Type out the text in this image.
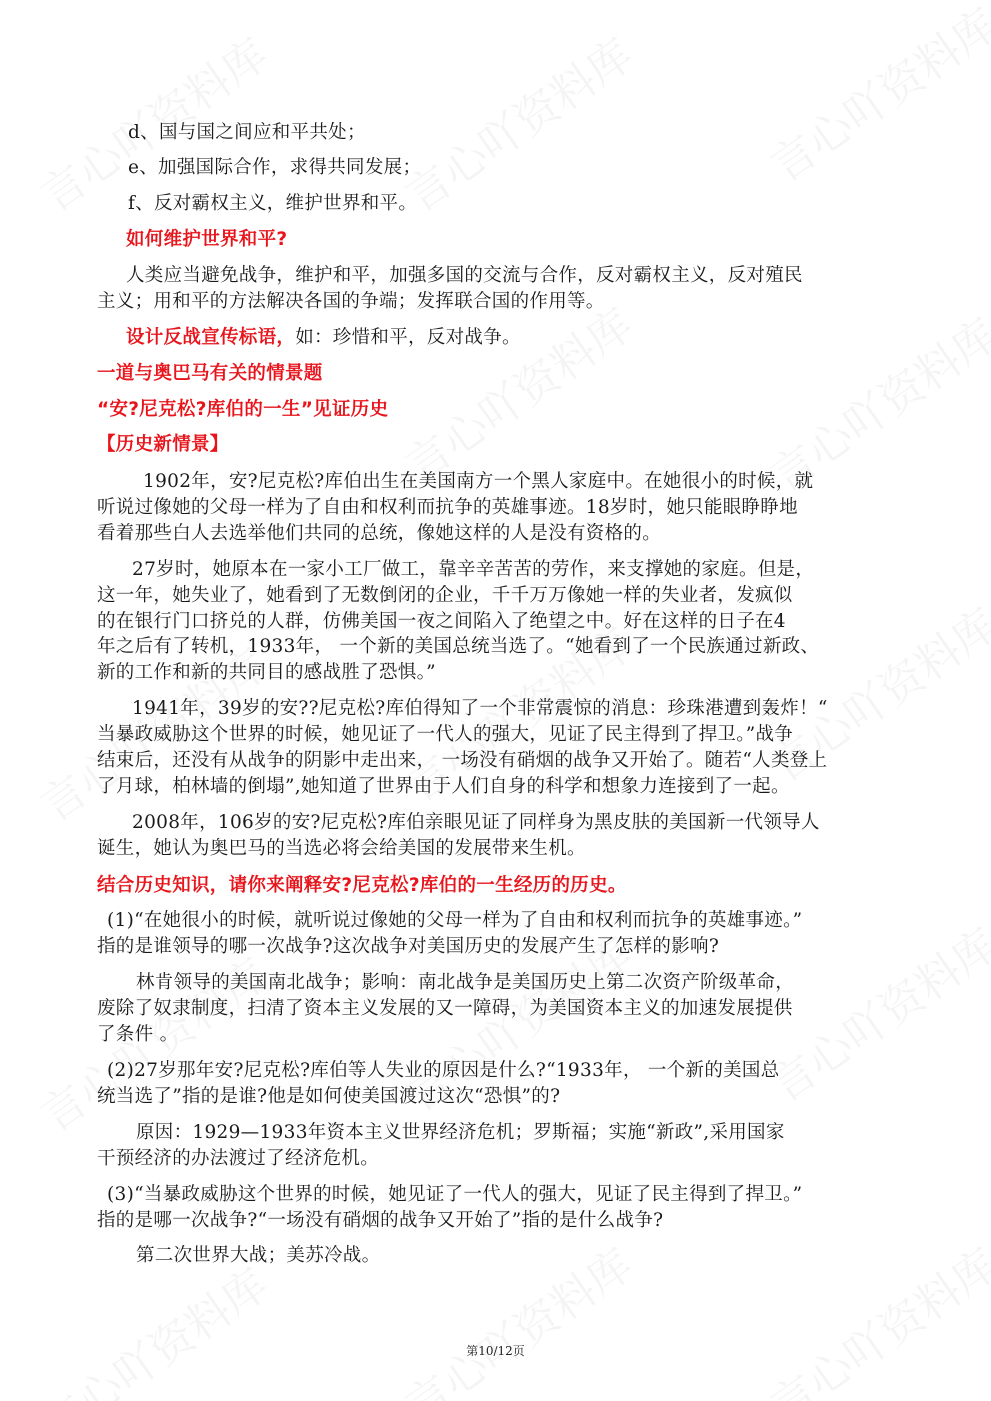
d、国与国之间应和平共处；
e、加强国际合作，求得共同发展；
f、反对霸权主义，维护世界和平。
如何维护世界和平?
人类应当避免战争，维护和平，加强多国的交流与合作，反对霸权主义，反对殖民
主义；用和平的方法解决各国的争端；发挥联合国的作用等。
设计反战宣传标语，如：珍惜和平，反对战争。
一道与奥巴马有关的情景题
“安?尼克松?库伯的一生”见证历史
【历史新情景】
1902年，安?尼克松?库伯出生在美国南方一个黑人家庭中。在她很小的时候，就
听说过像她的父母一样为了自由和权利而抗争的英雄事迹。18岁时，她只能眼睁睁地
看着那些白人去选举他们共同的总统，像她这样的人是没有资格的。
27岁时，她原本在一家小工厂做工，靠辛辛苦苦的劳作，来支撑她的家庭。但是，
这一年，她失业了，她看到了无数倒闭的企业，千千万万像她一样的失业者，发疯似
的在银行门口挤兑的人群，仿佛美国一夜之间陷入了绝望之中。好在这样的日子在4
年之后有了转机，1933年， 一个新的美国总统当选了。“她看到了一个民族通过新政、
新的工作和新的共同目的感战胜了恐惧。”
1941年，39岁的安??尼克松?库伯得知了一个非常震惊的消息：珍珠港遭到轰炸！“
当暴政威胁这个世界的时候，她见证了一代人的强大，见证了民主得到了捍卫。”战争
结束后，还没有从战争的阴影中走出来， 一场没有硝烟的战争又开始了。随若“人类登上
了月球，柏林墙的倒塌”,她知道了世界由于人们自身的科学和想象力连接到了一起。
2008年，106岁的安?尼克松?库伯亲眼见证了同样身为黑皮肤的美国新一代领导人
诞生，她认为奥巴马的当选必将会给美国的发展带来生机。
结合历史知识，请你来阐释安?尼克松?库伯的一生经历的历史。
(1)“在她很小的时候，就听说过像她的父母一样为了自由和权利而抗争的英雄事迹。”
指的是谁领导的哪一次战争?这次战争对美国历史的发展产生了怎样的影响?
林肯领导的美国南北战争；影响：南北战争是美国历史上第二次资产阶级革命，
废除了奴隶制度，扫清了资本主义发展的又一障碍，为美国资本主义的加速发展提供
了条件 。
(2)27岁那年安?尼克松?库伯等人失业的原因是什么?“1933年， 一个新的美国总
统当选了”指的是谁?他是如何使美国渡过这次“恐惧”的?
原因：1929—1933年资本主义世界经济危机；罗斯福；实施“新政”,采用国家
干预经济的办法渡过了经济危机。
(3)“当暴政威胁这个世界的时候，她见证了一代人的强大，见证了民主得到了捍卫。”
指的是哪一次战争?“一场没有硝烟的战争又开始了”指的是什么战争?
第二次世界大战；美苏冷战。
第10/12页
